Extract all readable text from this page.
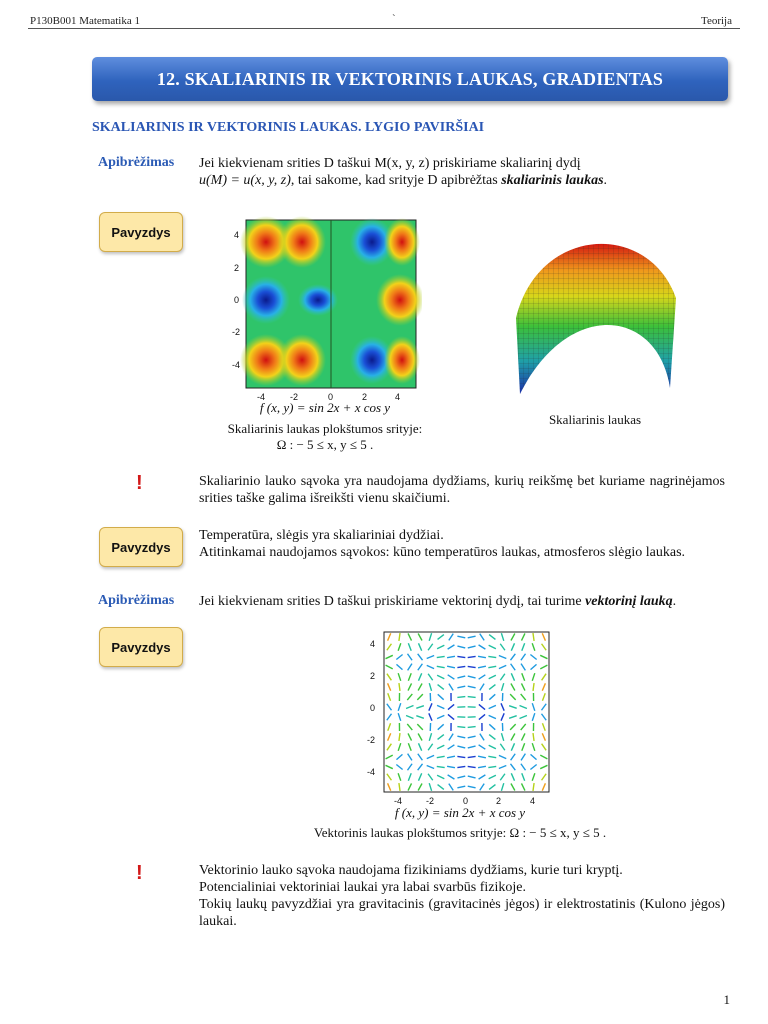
P130B001 Matematika 1	`	Teorija
12. SKALIARINIS IR VEKTORINIS LAUKAS, GRADIENTAS
SKALIARINIS IR VEKTORINIS LAUKAS. LYGIO PAVIRŠIAI
Apibrėžimas Jei kiekvienam srities D taškui M(x, y, z) priskiriame skaliarinį dydį
u(M) = u(x, y, z), tai sakome, kad srityje D apibrėžtas skaliarinis laukas.
Pavyzdys	4
2
0
-2
-4
-4	-2	0	2	4
f (x, y) = sin 2x + x cos y
Skaliarinis laukas plokštumos srityje:
Ω : − 5 ≤ x, y ≤ 5 .
Skaliarinis laukas
!	Skaliarinio lauko sąvoka yra naudojama dydžiams, kurių reikšmę bet kuriame nagrinėjamos srities taške galima išreikšti vienu skaičiumi.
Pavyzdys
Temperatūra, slėgis yra skaliariniai dydžiai.
Atitinkamai naudojamos sąvokos: kūno temperatūros laukas, atmosferos slėgio laukas.
Apibrėžimas Jei kiekvienam srities D taškui priskiriame vektorinį dydį, tai turime vektorinį lauką.
Pavyzdys	4
2
0
-2
-4
-4	-2	0	2	4
f (x, y) = sin 2x + x cos y
Vektorinis laukas plokštumos srityje: Ω : − 5 ≤ x, y ≤ 5 .
!	Vektorinio lauko sąvoka naudojama fizikiniams dydžiams, kurie turi kryptį.
Potencialiniai vektoriniai laukai yra labai svarbūs fizikoje.
Tokių laukų pavyzdžiai yra gravitacinis (gravitacinės jėgos) ir elektrostatinis (Kulono jėgos) laukai.
1
